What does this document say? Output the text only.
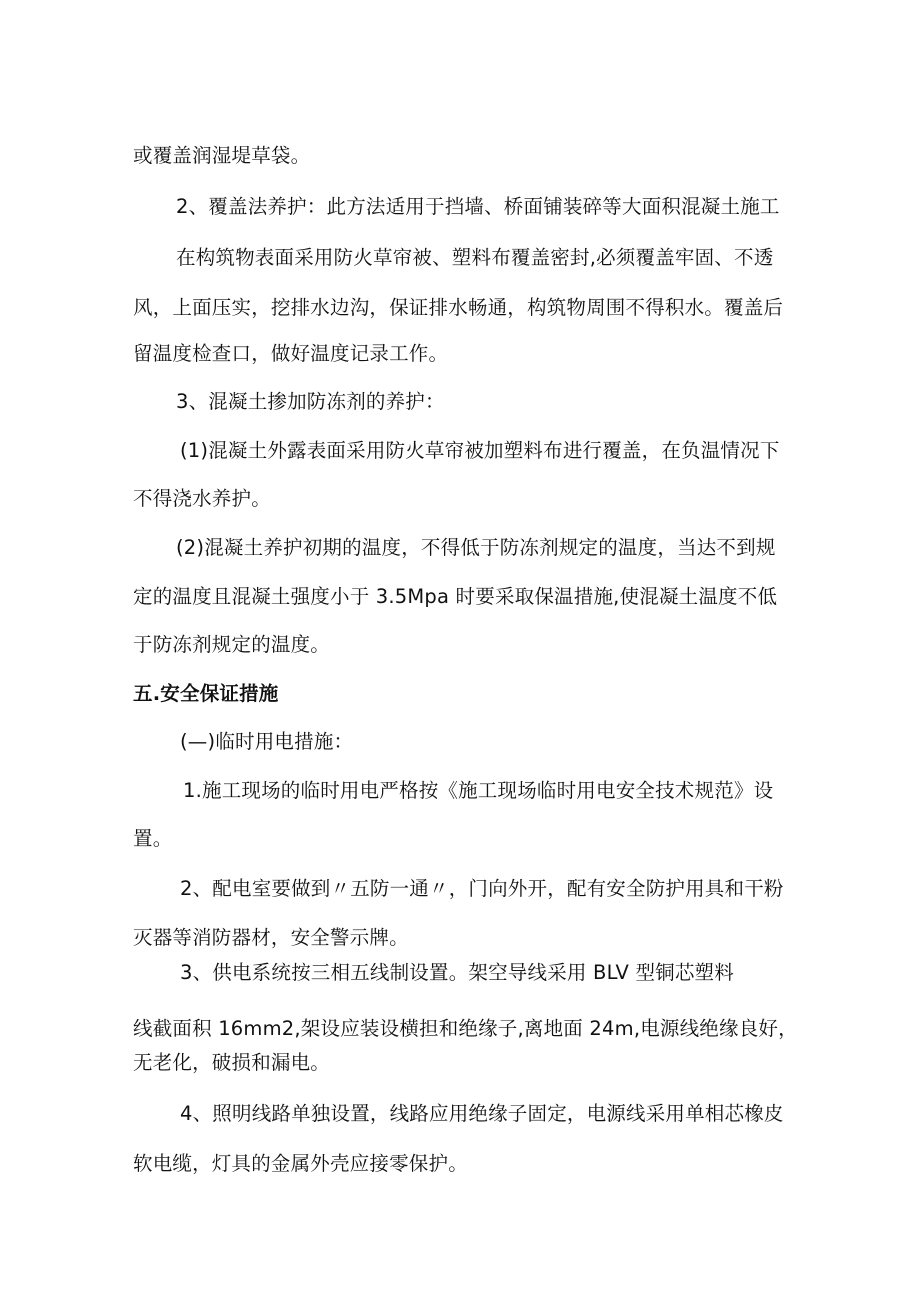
或覆盖润湿堤草袋。
2、覆盖法养护：此方法适用于挡墙、桥面铺装碎等大面积混凝土施工
在构筑物表面采用防火草帘被、塑料布覆盖密封,必须覆盖牢固、不透
风，上面压实，挖排水边沟，保证排水畅通，构筑物周围不得积水。覆盖后
留温度检查口，做好温度记录工作。
3、混凝土掺加防冻剂的养护：
(1)混凝土外露表面采用防火草帘被加塑料布进行覆盖，在负温情况下
不得浇水养护。
(2)混凝土养护初期的温度，不得低于防冻剂规定的温度，当达不到规
定的温度且混凝土强度小于 3.5Mpa 时要采取保温措施,使混凝土温度不低
于防冻剂规定的温度。
五.安全保证措施
(—)临时用电措施：
1.施工现场的临时用电严格按《施工现场临时用电安全技术规范》设
置。
2、配电室要做到〃五防一通〃，门向外开，配有安全防护用具和干粉
灭器等消防器材，安全警示牌。
3、供电系统按三相五线制设置。架空导线采用 BLV 型铜芯塑料
线截面积 16mm2,架设应装设横担和绝缘子,离地面 24m,电源线绝缘良好，
无老化，破损和漏电。
4、照明线路单独设置，线路应用绝缘子固定，电源线采用单相芯橡皮
软电缆，灯具的金属外壳应接零保护。
